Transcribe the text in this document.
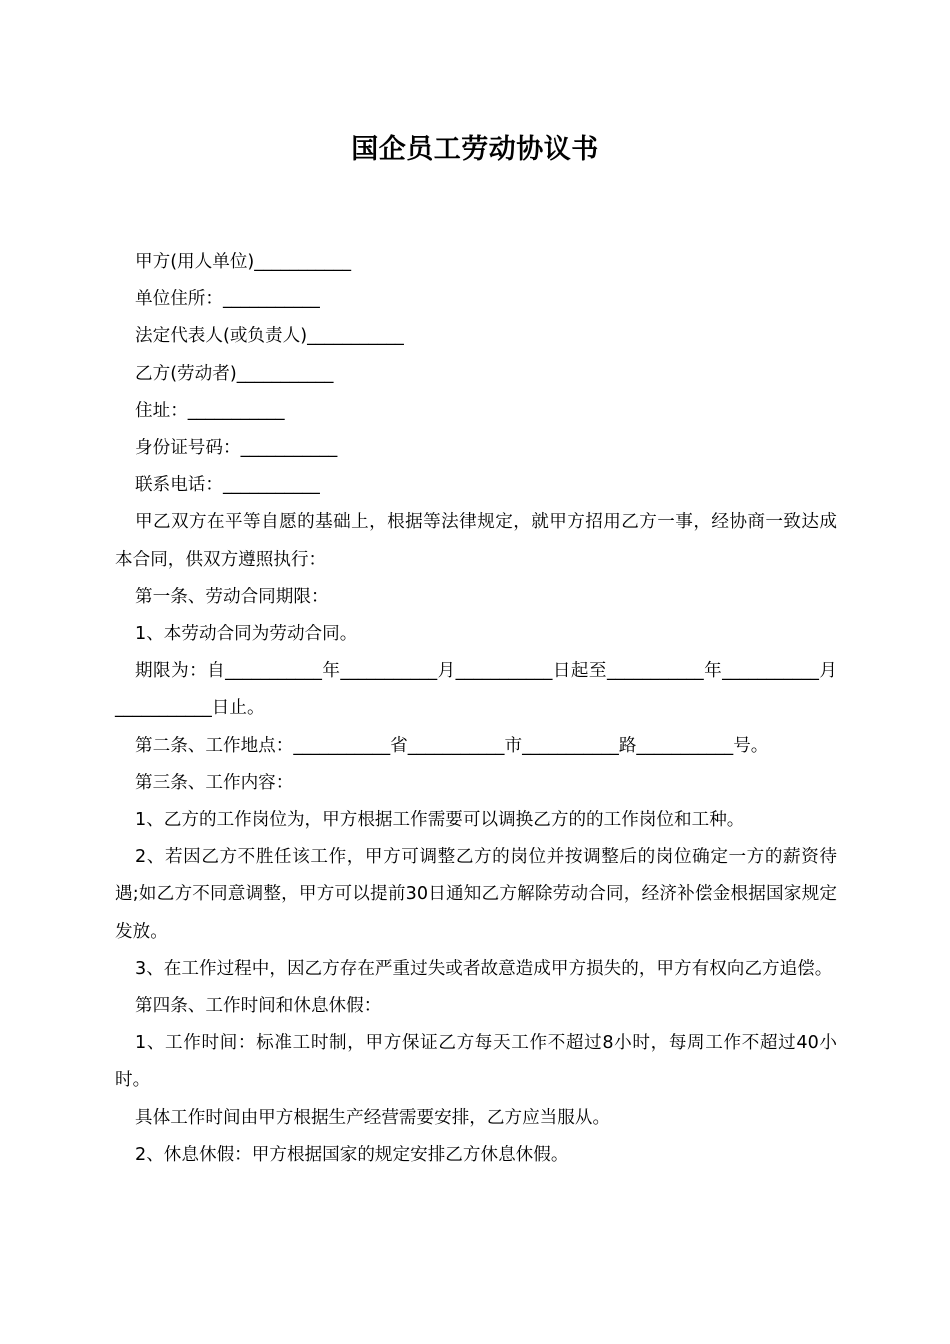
国企员工劳动协议书

甲方(用人单位)___________

单位住所：___________

法定代表人(或负责人)___________

乙方(劳动者)___________

住址：___________

身份证号码：___________

联系电话：___________

甲乙双方在平等自愿的基础上，根据等法律规定，就甲方招用乙方一事，经协商一致达成本合同，供双方遵照执行：

第一条、劳动合同期限：

1、本劳动合同为劳动合同。

期限为：自___________年___________月___________日起至___________年___________月___________日止。

第二条、工作地点：___________省___________市___________路___________号。

第三条、工作内容：

1、乙方的工作岗位为，甲方根据工作需要可以调换乙方的的工作岗位和工种。

2、若因乙方不胜任该工作，甲方可调整乙方的岗位并按调整后的岗位确定一方的薪资待遇;如乙方不同意调整，甲方可以提前30日通知乙方解除劳动合同，经济补偿金根据国家规定发放。

3、在工作过程中，因乙方存在严重过失或者故意造成甲方损失的，甲方有权向乙方追偿。

第四条、工作时间和休息休假：

1、工作时间：标准工时制，甲方保证乙方每天工作不超过8小时，每周工作不超过40小时。

具体工作时间由甲方根据生产经营需要安排，乙方应当服从。

2、休息休假：甲方根据国家的规定安排乙方休息休假。
